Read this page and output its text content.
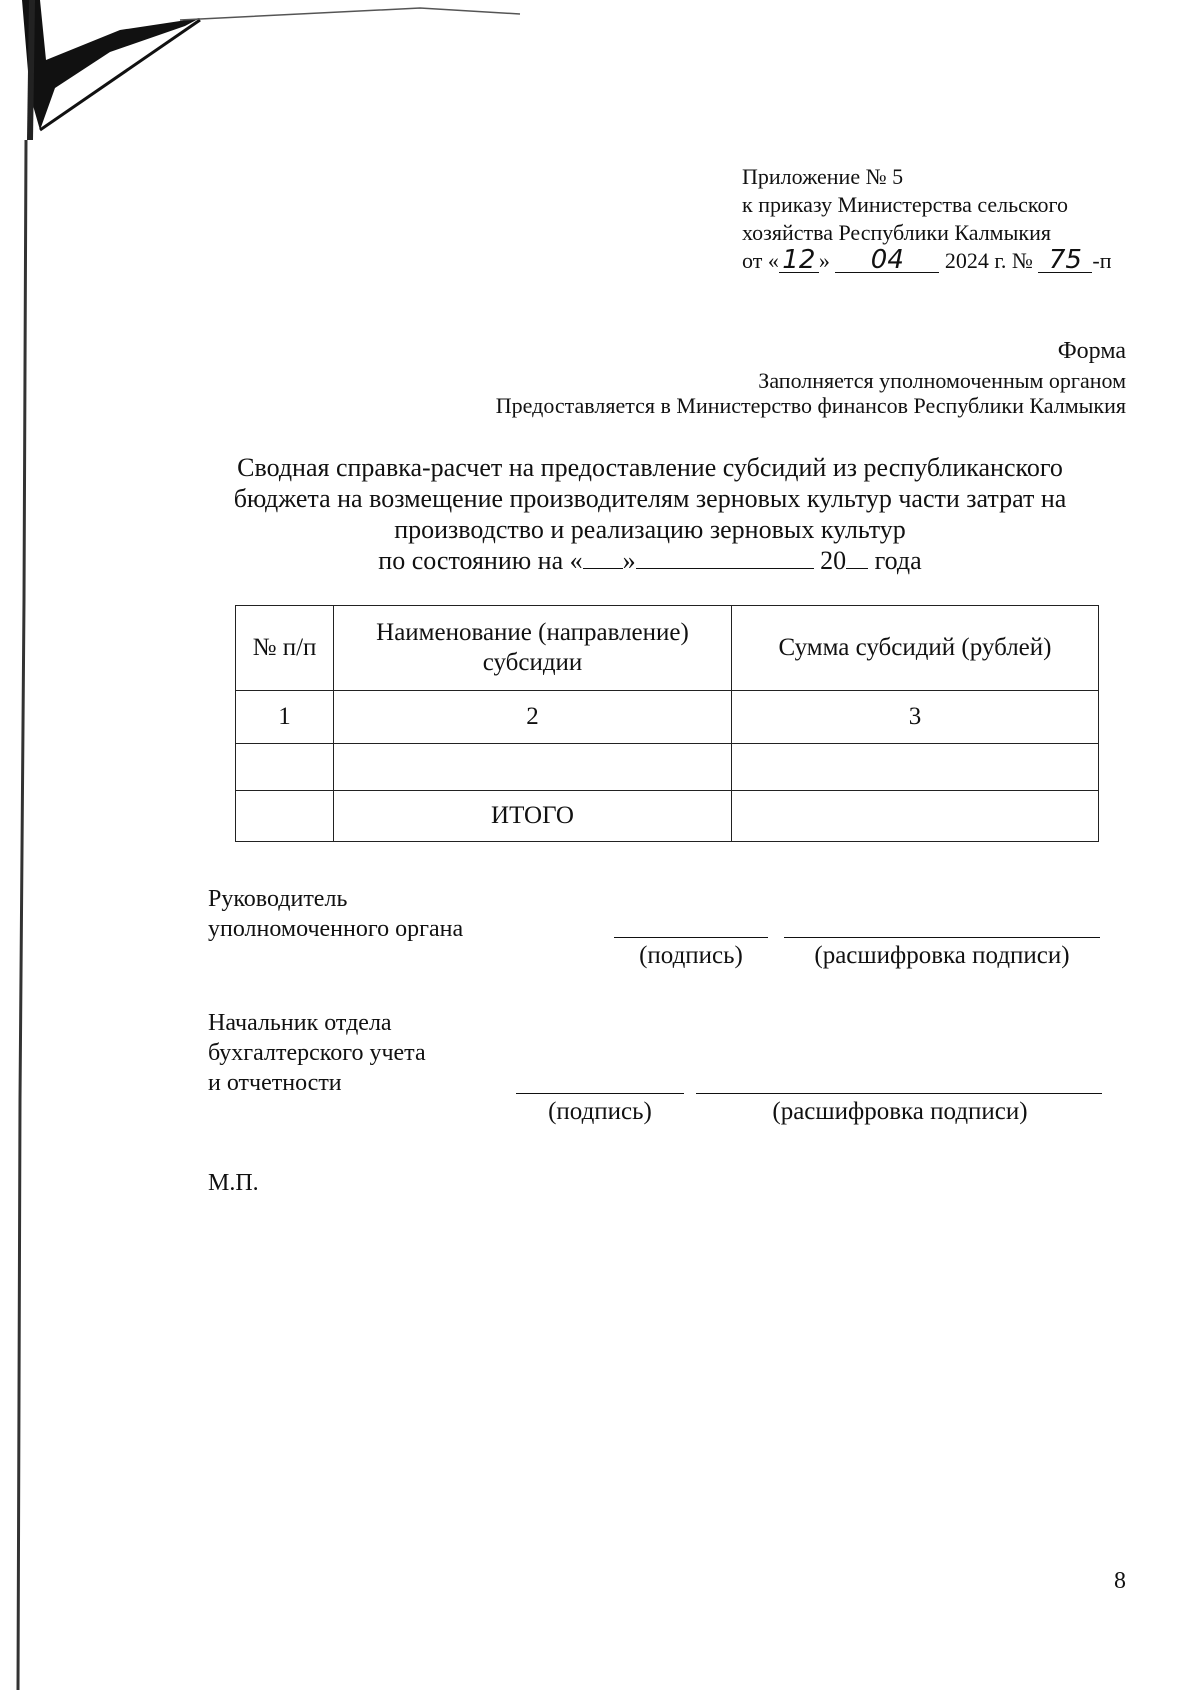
Приложение № 5
к приказу Министерства сельского
хозяйства Республики Калмыкия
от « 12 » 04 2024 г. № 75 -п
Форма
Заполняется уполномоченным органом
Предоставляется в Министерство финансов Республики Калмыкия
Сводная справка-расчет на предоставление субсидий из республиканского
бюджета на возмещение производителям зерновых культур части затрат на
производство и реализацию зерновых культур
по состоянию на « »	20 года
№ п/п	Наименование (направление) субсидии	Сумма субсидий (рублей)
1	2	3

	ИТОГО	
Руководитель
уполномоченного органа
(подпись)	(расшифровка подписи)
Начальник отдела
бухгалтерского учета
и отчетности
(подпись)	(расшифровка подписи)
М.П.
8
